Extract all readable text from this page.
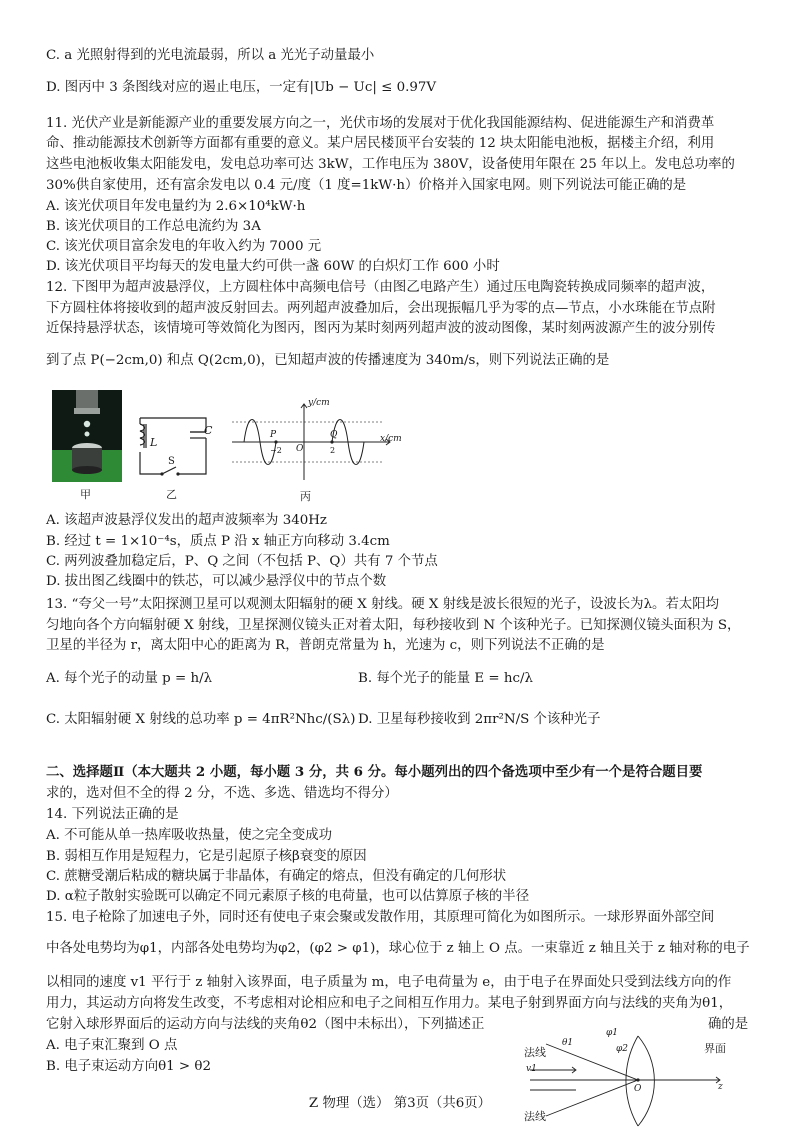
C. a 光照射得到的光电流最弱，所以 a 光光子动量最小
D. 图丙中 3 条图线对应的遏止电压，一定有|Ub − Uc| ≤ 0.97V
11. 光伏产业是新能源产业的重要发展方向之一，光伏市场的发展对于优化我国能源结构、促进能源生产和消费革
命、推动能源技术创新等方面都有重要的意义。某户居民楼顶平台安装的 12 块太阳能电池板，据楼主介绍，利用
这些电池板收集太阳能发电，发电总功率可达 3kW，工作电压为 380V，设备使用年限在 25 年以上。发电总功率的
30%供自家使用，还有富余发电以 0.4 元/度（1 度=1kW·h）价格并入国家电网。则下列说法可能正确的是
A. 该光伏项目年发电量约为 2.6×10⁴kW·h
B. 该光伏项目的工作总电流约为 3A
C. 该光伏项目富余发电的年收入约为 7000 元
D. 该光伏项目平均每天的发电量大约可供一盏 60W 的白炽灯工作 600 小时
12. 下图甲为超声波悬浮仪，上方圆柱体中高频电信号（由图乙电路产生）通过压电陶瓷转换成同频率的超声波，
下方圆柱体将接收到的超声波反射回去。两列超声波叠加后，会出现振幅几乎为零的点—节点，小水珠能在节点附
近保持悬浮状态，该情境可等效简化为图丙，图丙为某时刻两列超声波的波动图像，某时刻两波源产生的波分别传
到了点 P(−2cm,0) 和点 Q(2cm,0)，已知超声波的传播速度为 340m/s，则下列说法正确的是
甲
L
C
S
乙
y/cm
x/cm
P	Q
O
−2	2
丙
A. 该超声波悬浮仪发出的超声波频率为 340Hz
B. 经过 t = 1×10⁻⁴s，质点 P 沿 x 轴正方向移动 3.4cm
C. 两列波叠加稳定后，P、Q 之间（不包括 P、Q）共有 7 个节点
D. 拔出图乙线圈中的铁芯，可以减少悬浮仪中的节点个数
13. “夸父一号”太阳探测卫星可以观测太阳辐射的硬 X 射线。硬 X 射线是波长很短的光子，设波长为λ。若太阳均
匀地向各个方向辐射硬 X 射线，卫星探测仪镜头正对着太阳，每秒接收到 N 个该种光子。已知探测仪镜头面积为 S，
卫星的半径为 r，离太阳中心的距离为 R，普朗克常量为 h，光速为 c，则下列说法不正确的是
A. 每个光子的动量 p = h/λ	B. 每个光子的能量 E = hc/λ
C. 太阳辐射硬 X 射线的总功率 p = 4πR²Nhc/(Sλ) D. 卫星每秒接收到 2πr²N/S 个该种光子
二、选择题Ⅱ（本大题共 2 小题，每小题 3 分，共 6 分。每小题列出的四个备选项中至少有一个是符合题目要
求的，选对但不全的得 2 分，不选、多选、错选均不得分）
14. 下列说法正确的是
A. 不可能从单一热库吸收热量，使之完全变成功
B. 弱相互作用是短程力，它是引起原子核β衰变的原因
C. 蔗糖受潮后粘成的糖块属于非晶体，有确定的熔点，但没有确定的几何形状
D. α粒子散射实验既可以确定不同元素原子核的电荷量，也可以估算原子核的半径
15. 电子枪除了加速电子外，同时还有使电子束会聚或发散作用，其原理可简化为如图所示。一球形界面外部空间
中各处电势均为φ1，内部各处电势均为φ2，(φ2 > φ1)，球心位于 z 轴上 O 点。一束靠近 z 轴且关于 z 轴对称的电子
以相同的速度 v1 平行于 z 轴射入该界面，电子质量为 m，电子电荷量为 e，由于电子在界面处只受到法线方向的作
用力，其运动方向将发生改变，不考虑相对论相应和电子之间相互作用力。某电子射到界面方向与法线的夹角为θ1，
它射入球形界面后的运动方向与法线的夹角θ2（图中未标出），下列描述正	确的是
A. 电子束汇聚到 O 点
B. 电子束运动方向θ1 > θ2
法线
法线
界面
φ1
φ2
θ1
v1
O	z
Z 物理（选） 第3页（共6页）
